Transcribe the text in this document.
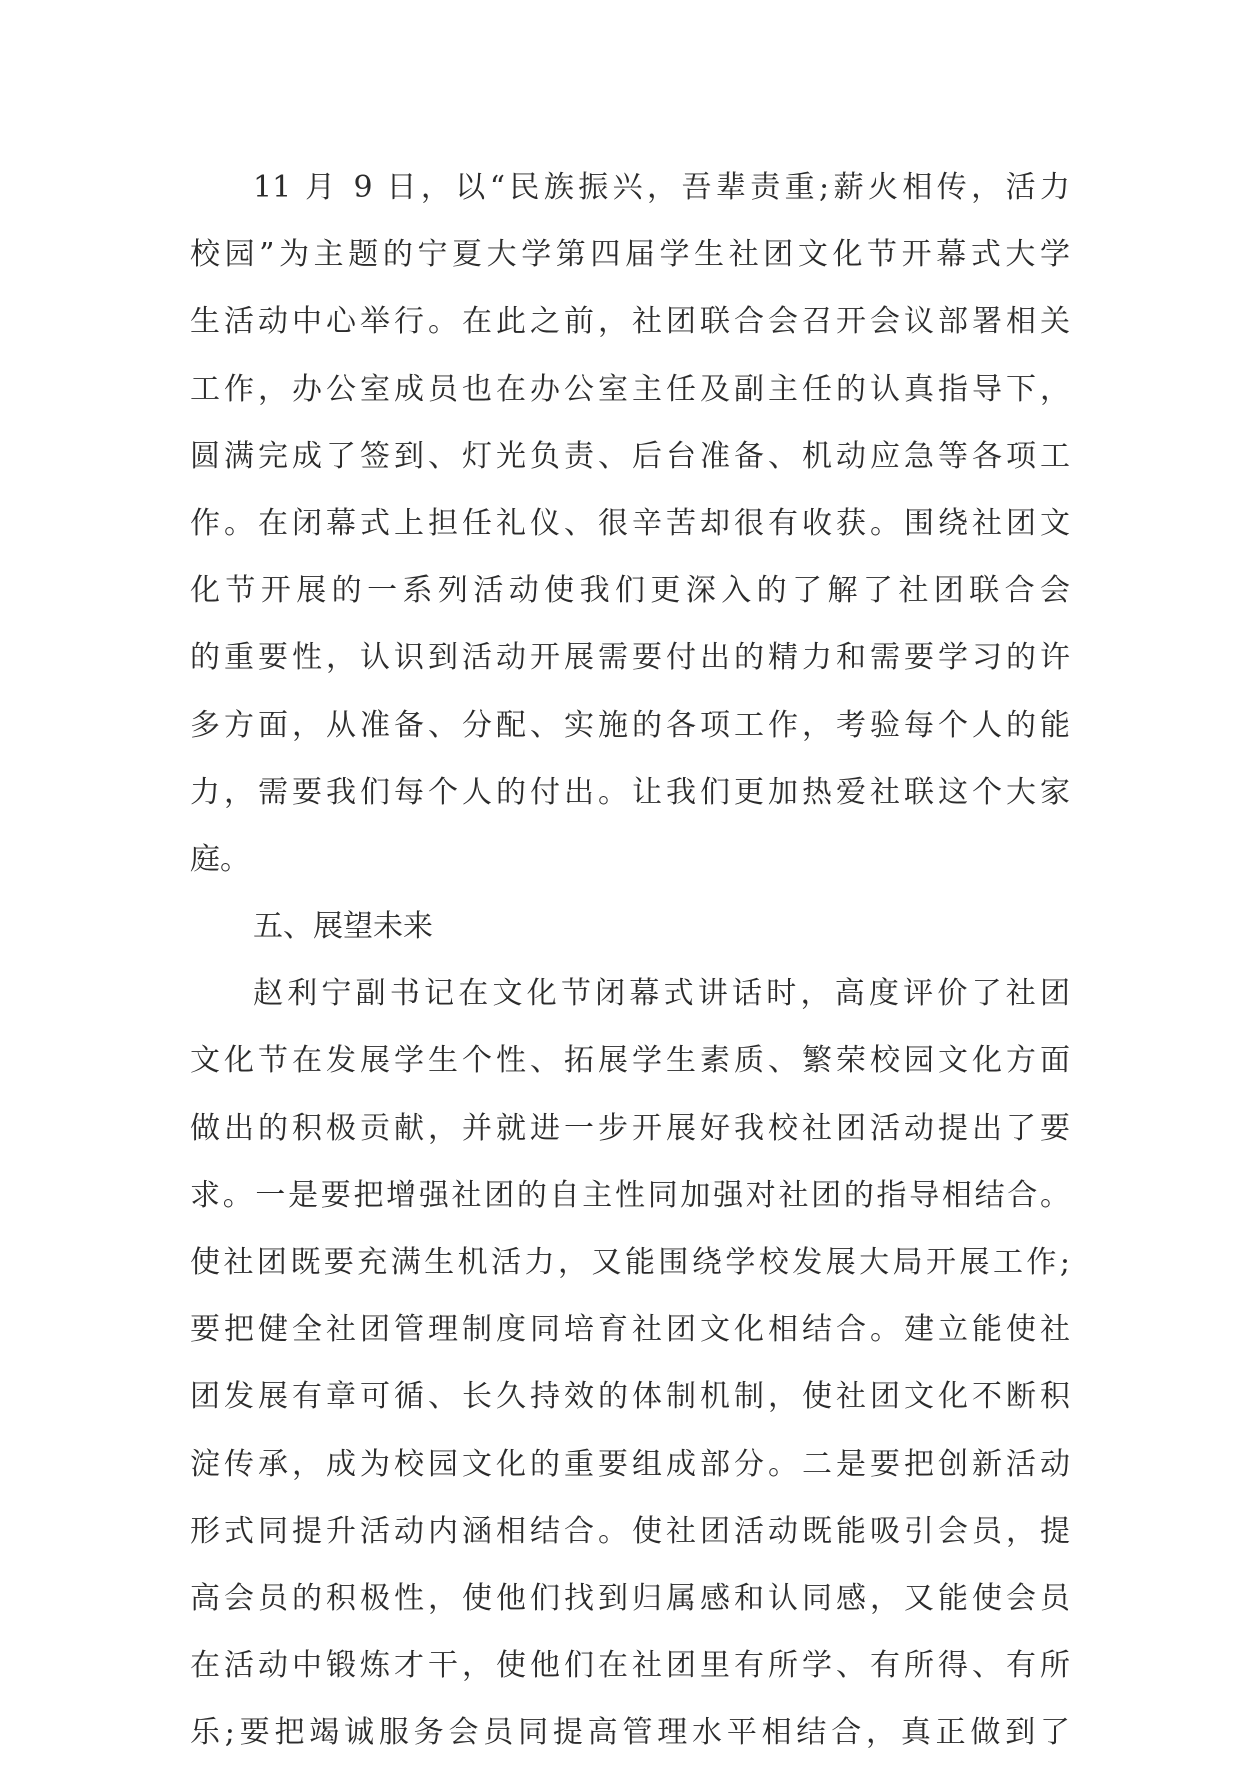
11 月 9 日，以“民族振兴，吾辈责重;薪火相传，活力
校园”为主题的宁夏大学第四届学生社团文化节开幕式大学
生活动中心举行。在此之前，社团联合会召开会议部署相关
工作，办公室成员也在办公室主任及副主任的认真指导下，
圆满完成了签到、灯光负责、后台准备、机动应急等各项工
作。在闭幕式上担任礼仪、很辛苦却很有收获。围绕社团文
化节开展的一系列活动使我们更深入的了解了社团联合会
的重要性，认识到活动开展需要付出的精力和需要学习的许
多方面，从准备、分配、实施的各项工作，考验每个人的能
力，需要我们每个人的付出。让我们更加热爱社联这个大家
庭。
五、展望未来
赵利宁副书记在文化节闭幕式讲话时，高度评价了社团
文化节在发展学生个性、拓展学生素质、繁荣校园文化方面
做出的积极贡献，并就进一步开展好我校社团活动提出了要
求。一是要把增强社团的自主性同加强对社团的指导相结合。
使社团既要充满生机活力，又能围绕学校发展大局开展工作;
要把健全社团管理制度同培育社团文化相结合。建立能使社
团发展有章可循、长久持效的体制机制，使社团文化不断积
淀传承，成为校园文化的重要组成部分。二是要把创新活动
形式同提升活动内涵相结合。使社团活动既能吸引会员，提
高会员的积极性，使他们找到归属感和认同感，又能使会员
在活动中锻炼才干，使他们在社团里有所学、有所得、有所
乐;要把竭诚服务会员同提高管理水平相结合，真正做到了
